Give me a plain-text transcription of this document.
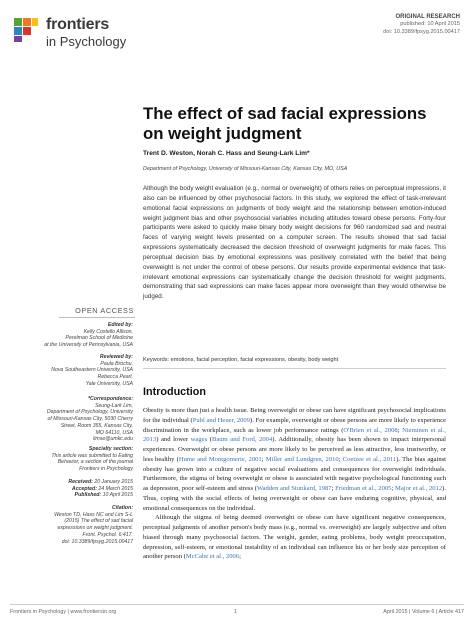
frontiers
in Psychology
ORIGINAL RESEARCH
published: 10 April 2015
doi: 10.3389/fpsyg.2015.00417
The effect of sad facial expressions on weight judgment
Trent D. Weston, Norah C. Hass and Seung-Lark Lim*
Department of Psychology, University of Missouri-Kansas City, Kansas City, MO, USA
Although the body weight evaluation (e.g., normal or overweight) of others relies on perceptual impressions, it also can be influenced by other psychosocial factors. In this study, we explored the effect of task-irrelevant emotional facial expressions on judgments of body weight and the relationship between emotion-induced weight judgment bias and other psychosocial variables including attitudes toward obese persons. Forty-four participants were asked to quickly make binary body weight decisions for 960 randomized sad and neutral faces of varying weight levels presented on a computer screen. The results showed that sad facial expressions systematically decreased the decision threshold of overweight judgments for male faces. This perceptual decision bias by emotional expressions was positively correlated with the belief that being overweight is not under the control of obese persons. Our results provide experimental evidence that task-irrelevant emotional expressions can systematically change the decision threshold for weight judgments, demonstrating that sad expressions can make faces appear more overweight than they would otherwise be judged.
Keywords: emotions, facial perception, facial expressions, obesity, body weight
OPEN ACCESS
Edited by:
Kelly Costello Allison,
Perelman School of Medicine
at the University of Pennsylvania, USA
Reviewed by:
Paula Brochu,
Nova Southeastern University, USA
Rebecca Pearl,
Yale University, USA
*Correspondence:
Seung-Lark Lim,
Department of Psychology, University
of Missouri-Kansas City, 5030 Cherry
Street, Room 355, Kansas City,
MO 64110, USA
limse@umkc.edu
Specialty section:
This article was submitted to Eating
Behavior, a section of the journal
Frontiers in Psychology
Received: 20 January 2015
Accepted: 24 March 2015
Published: 10 April 2015
Citation:
Weston TD, Hass NC and Lim S-L
(2015) The effect of sad facial
expressions on weight judgment.
Front. Psychol. 6:417.
doi: 10.3389/fpsyg.2015.00417
Introduction

Obesity is more than just a health issue. Being overweight or obese can have significant psychosocial implications for the individual (Puhl and Heuer, 2009). For example, overweight or obese persons are more likely to experience discrimination in the workplace, such as lower job performance ratings (O'Brien et al., 2008; Nieminen et al., 2013) and lower wages (Baum and Ford, 2004). Additionally, obesity has been shown to impact interpersonal experiences. Overweight or obese persons are more likely to be perceived as less attractive, less trustworthy, or less healthy (Hume and Montgomerie, 2001; Miller and Lundgren, 2010; Coetzee et al., 2011). The bias against obesity has grown into a culture of negative social evaluations and consequences for overweight individuals. Furthermore, the stigma of being overweight or obese is associated with negative psychological functioning such as depression, poor self-esteem and stress (Wadden and Stunkard, 1987; Friedman et al., 2005; Major et al., 2012). Thus, coping with the social effects of being overweight or obese can have enduring cognitive, physical, and emotional consequences on the individual.

Although the stigma of being deemed overweight or obese can have significant negative consequences, perceptual judgments of another person's body mass (e.g., normal vs. overweight) are largely subjective and often biased through many psychosocial factors. The weight, gender, eating problems, body weight preoccupation, depression, self-esteem, or emotional instability of an individual can influence his or her body size perception of another person (McCabe et al., 2006;

Frontiers in Psychology | www.frontiersin.org	1	April 2015 | Volume 6 | Article 417
